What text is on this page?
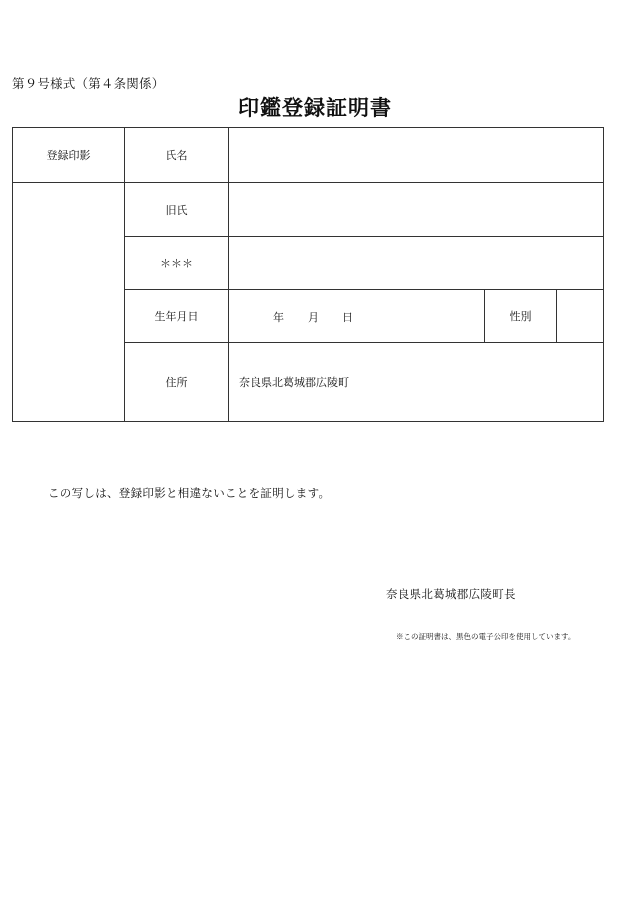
第９号様式（第４条関係）
印鑑登録証明書
登録印影	氏名
旧氏
＊＊＊
生年月日	年 月 日	性別
住所	奈良県北葛城郡広陵町
この写しは、登録印影と相違ないことを証明します。
奈良県北葛城郡広陵町長
※この証明書は、黒色の電子公印を使用しています。
